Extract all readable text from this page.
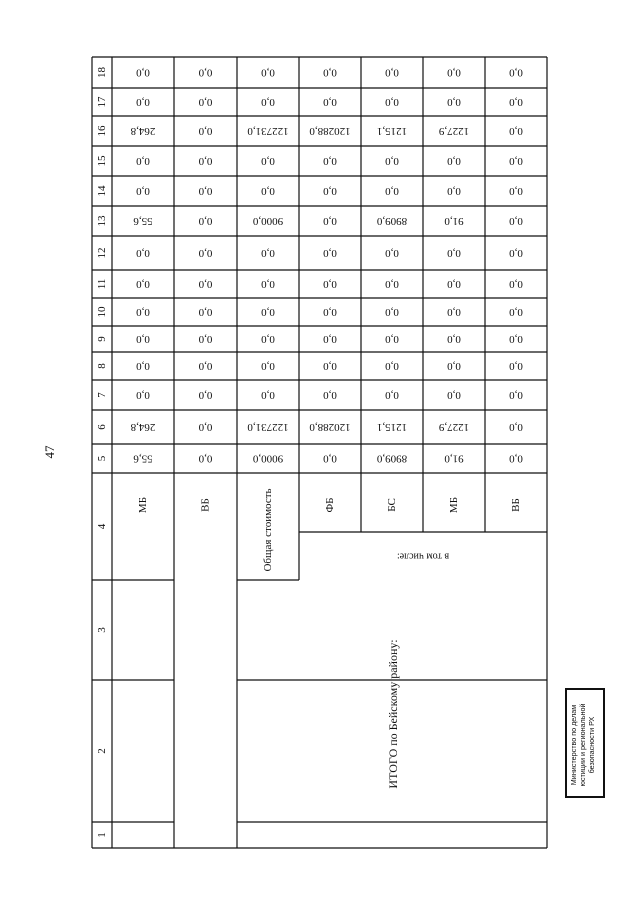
47
1
2
3
4
5
6
7
8
9
10
11
12
13
14
15
16
17
18
55,6
264,8
0,0
0,0
0,0
0,0
0,0
0,0
55,6
0,0
0,0
264,8
0,0
0,0
МБ
0,0
0,0
0,0
0,0
0,0
0,0
0,0
0,0
0,0
0,0
0,0
0,0
0,0
0,0
ВБ
9000,0
122731,0
0,0
0,0
0,0
0,0
0,0
0,0
9000,0
0,0
0,0
122731,0
0,0
0,0
0,0
120288,0
0,0
0,0
0,0
0,0
0,0
0,0
0,0
0,0
0,0
120288,0
0,0
0,0
ФБ
8909,0
1215,1
0,0
0,0
0,0
0,0
0,0
0,0
8909,0
0,0
0,0
1215,1
0,0
0,0
БС
91,0
1227,9
0,0
0,0
0,0
0,0
0,0
0,0
91,0
0,0
0,0
1227,9
0,0
0,0
МБ
0,0
0,0
0,0
0,0
0,0
0,0
0,0
0,0
0,0
0,0
0,0
0,0
0,0
0,0
ВБ
Общая стоимость	в том числе:
ИТОГО по Бейскому району:	Министерство по делам юстиции и региональной безопасности РХ
